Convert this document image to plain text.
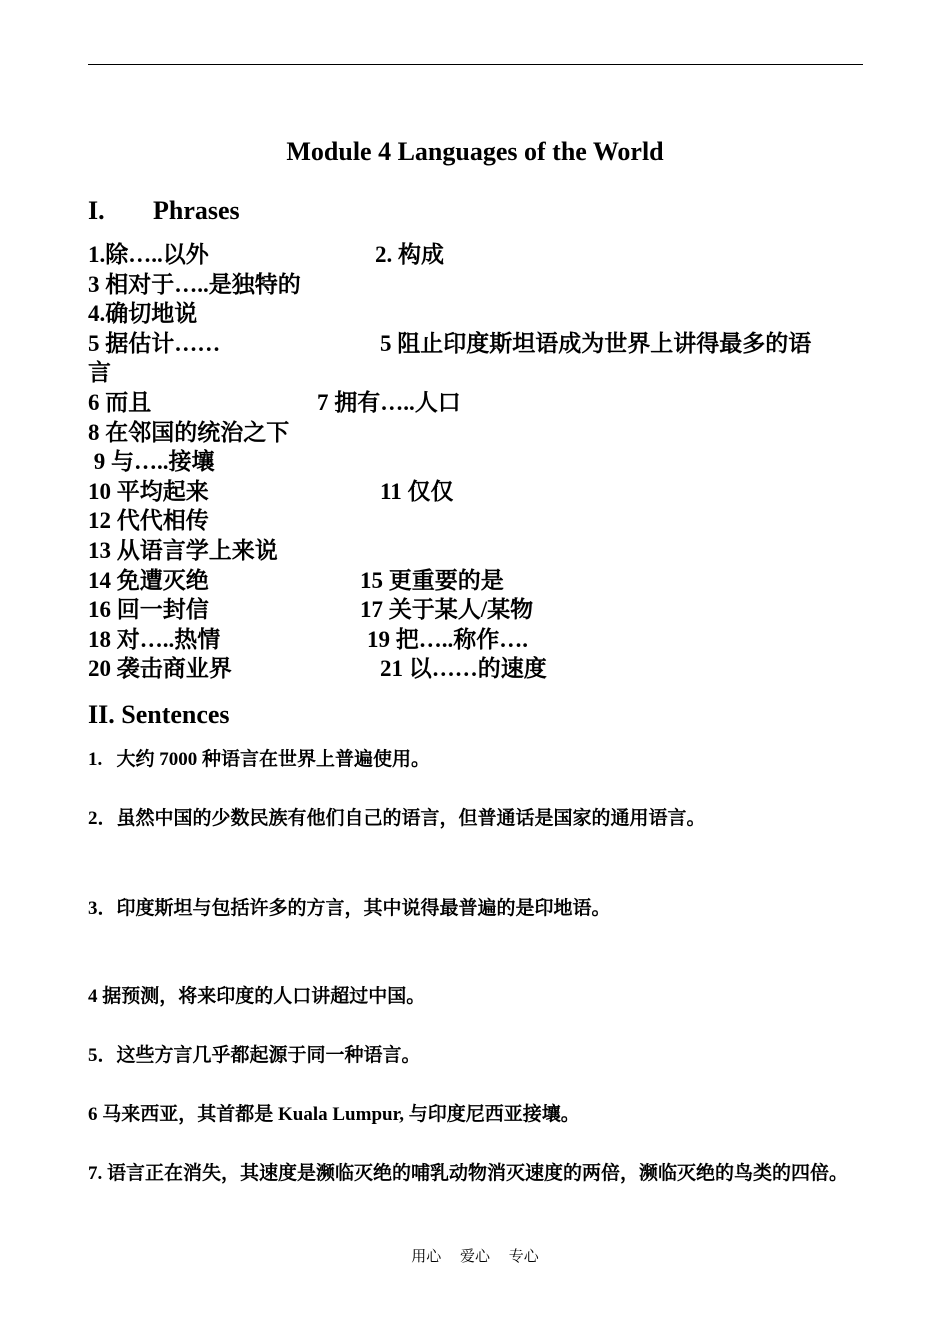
Module 4 Languages of the World
I. Phrases
1.除…..以外	2. 构成
3 相对于…..是独特的
4.确切地说
5 据估计……	5 阻止印度斯坦语成为世界上讲得最多的语
言
6 而且	7 拥有…..人口
8 在邻国的统治之下
9 与…..接壤
10 平均起来	11 仅仅
12 代代相传
13 从语言学上来说
14 免遭灭绝	15 更重要的是
16 回一封信	17 关于某人/某物
18 对…..热情	19 把…..称作….
20 袭击商业界	21 以……的速度
II. Sentences
1.   大约 7000 种语言在世界上普遍使用。
2．虽然中国的少数民族有他们自己的语言，但普通话是国家的通用语言。
3．印度斯坦与包括许多的方言，其中说得最普遍的是印地语。
4 据预测，将来印度的人口讲超过中国。
5．这些方言几乎都起源于同一种语言。
6 马来西亚，其首都是 Kuala Lumpur, 与印度尼西亚接壤。
7. 语言正在消失，其速度是濒临灭绝的哺乳动物消灭速度的两倍，濒临灭绝的鸟类的四倍。
用心 爱心 专心
